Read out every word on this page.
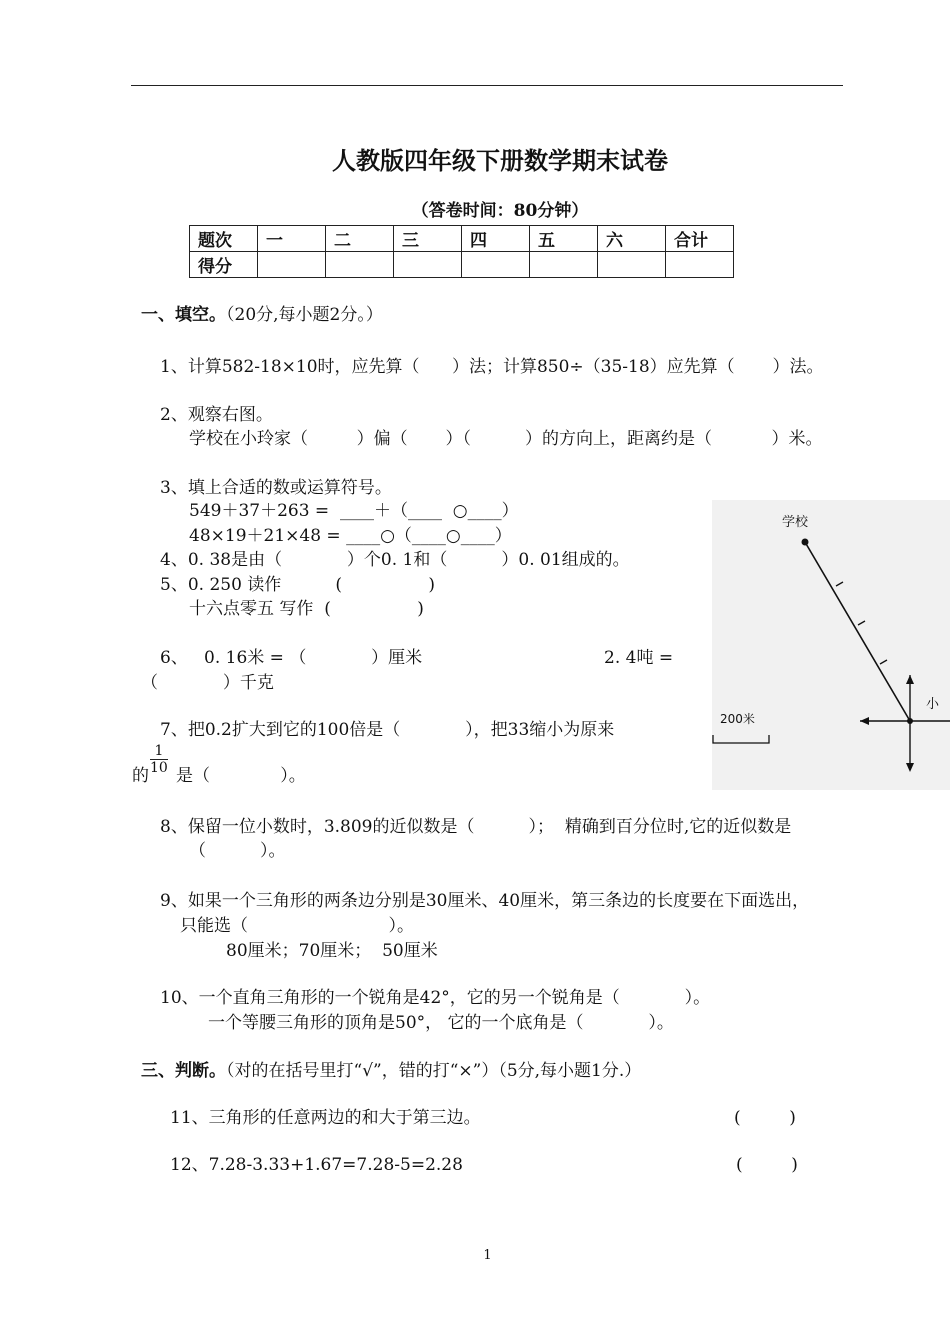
人教版四年级下册数学期末试卷
（答卷时间：80分钟）
题次	一	二	三	四	五	六	合计
得分							
一、填空。（20分,每小题2分。）
1、计算582-18×10时，应先算（      ）法；计算850÷（35-18）应先算（       ）法。
2、观察右图。
学校在小玲家（         ）偏（       ）（          ）的方向上，距离约是（           ）米。
3、填上合适的数或运算符号。
549＋37＋263 =  ____＋（____  ○____）
48×19＋21×48 = ____○（____○____）
4、0. 38是由（            ）个0. 1和（          ）0. 01组成的。
5、0. 250 读作          (                )
十六点零五 写作  (                )
6、   0. 16米 = （            ）厘米	2. 4吨 =
（            ）千克
7、把0.2扩大到它的100倍是（            ），把33缩小为原来
的 $\frac{1}{10}$ 是（             ）。
8、保留一位小数时，3.809的近似数是（          ）；  精确到百分位时,它的近似数是
（          ）。
9、如果一个三角形的两条边分别是30厘米、40厘米，第三条边的长度要在下面选出，
只能选（                          ）。
80厘米；70厘米；  50厘米
10、一个直角三角形的一个锐角是42°，它的另一个锐角是（            ）。
一个等腰三角形的顶角是50°， 它的一个底角是（            ）。
三、判断。（对的在括号里打“√”，错的打“×”）（5分,每小题1分.）
11、三角形的任意两边的和大于第三边。	(         )
12、7.28-3.33+1.67=7.28-5=2.28	(         )
学校
200米
小
1
